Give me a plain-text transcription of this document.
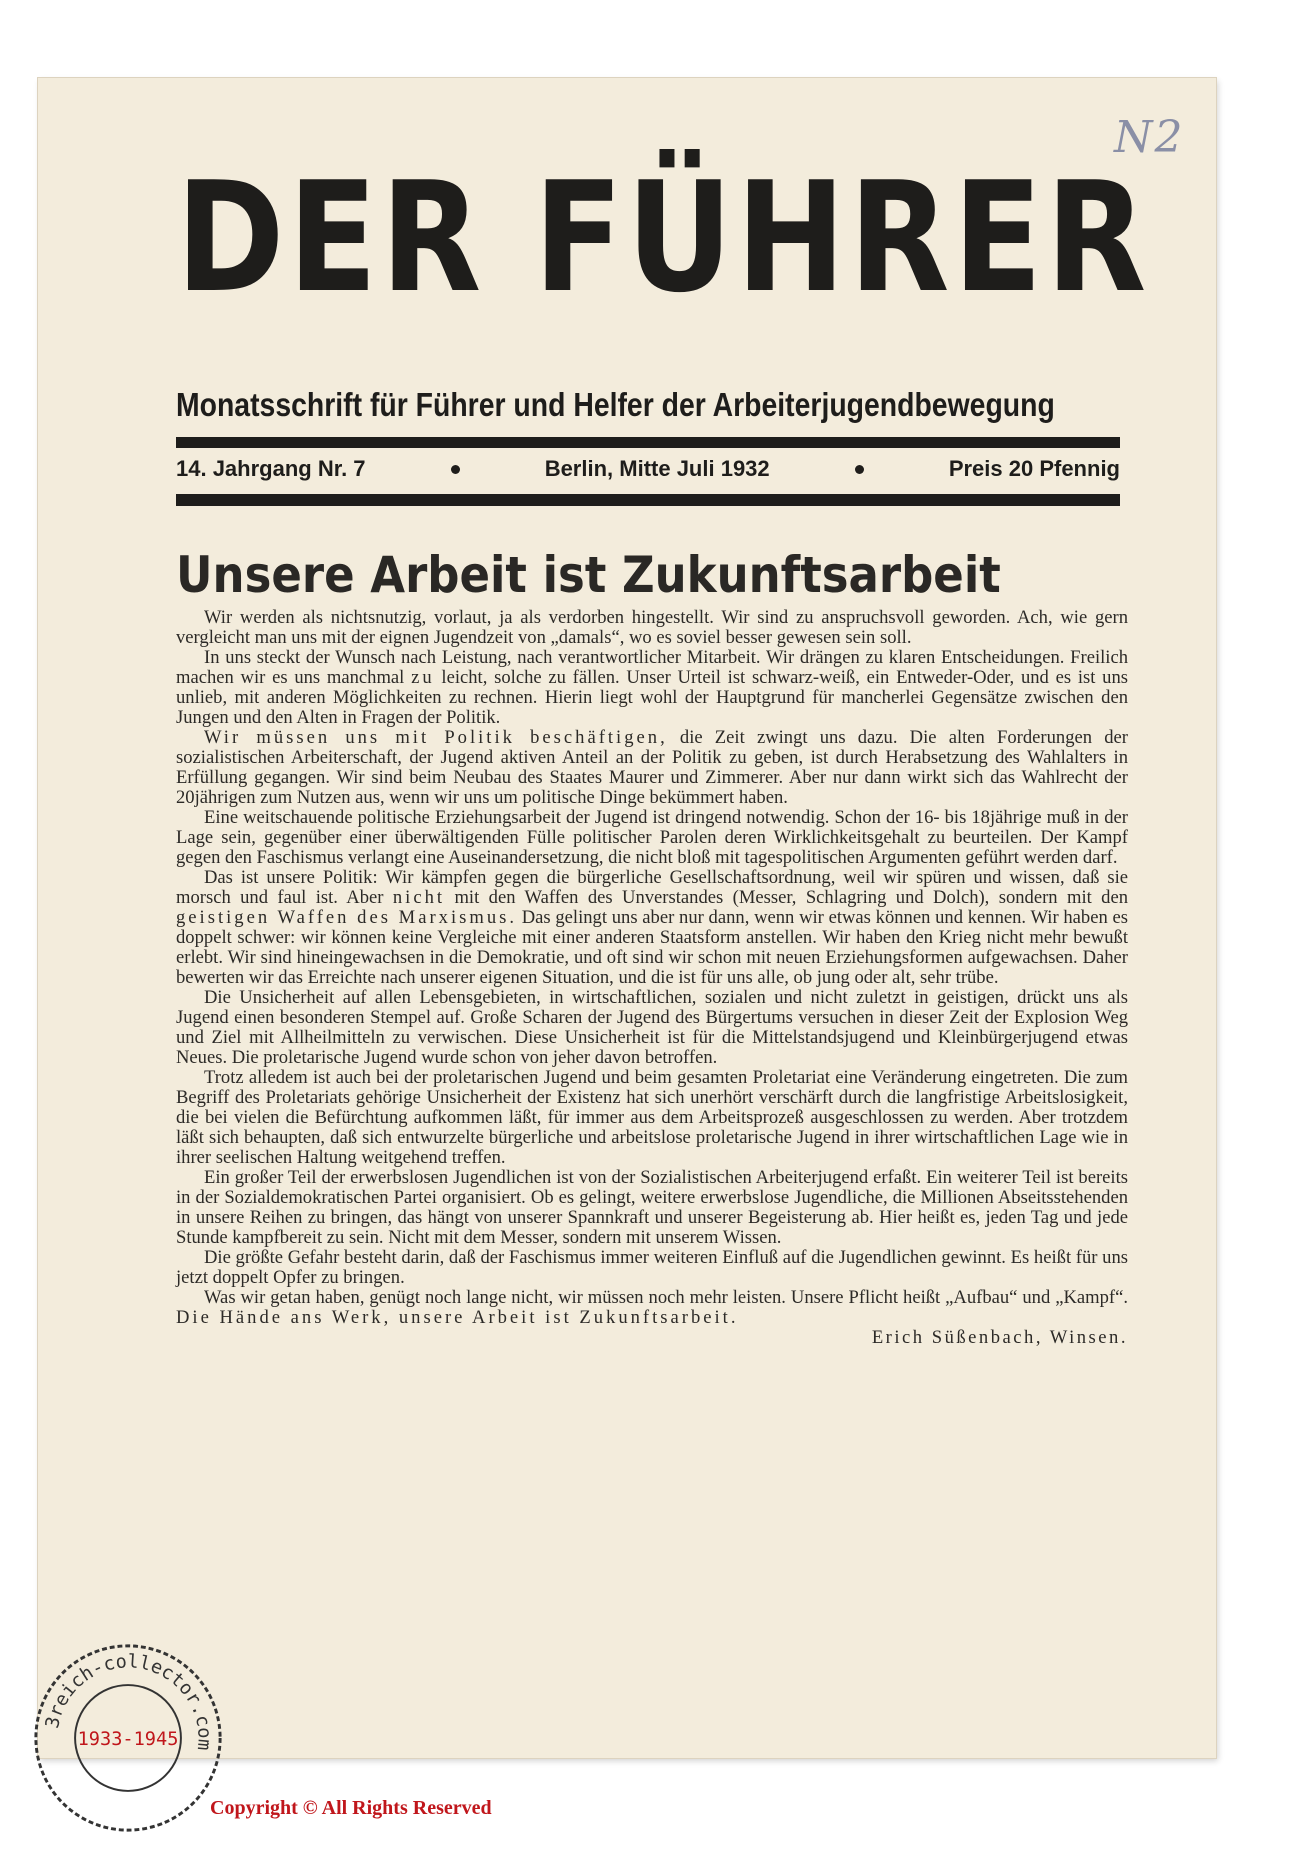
N2
DER FÜHRER
Monatsschrift für Führer und Helfer der Arbeiterjugendbewegung
14. Jahrgang Nr. 7	Berlin, Mitte Juli 1932	Preis 20 Pfennig
Unsere Arbeit ist Zukunftsarbeit

Wir werden als nichtsnutzig, vorlaut, ja als verdorben hingestellt. Wir sind zu anspruchsvoll geworden. Ach, wie gern vergleicht man uns mit der eignen Jugendzeit von „damals“, wo es soviel besser gewesen sein soll.

In uns steckt der Wunsch nach Leistung, nach verantwortlicher Mitarbeit. Wir drängen zu klaren Entscheidungen. Freilich machen wir es uns manchmal zu leicht, solche zu fällen. Unser Urteil ist schwarz-weiß, ein Entweder-Oder, und es ist uns unlieb, mit anderen Möglichkeiten zu rechnen. Hierin liegt wohl der Hauptgrund für mancherlei Gegensätze zwischen den Jungen und den Alten in Fragen der Politik.

Wir müssen uns mit Politik beschäftigen, die Zeit zwingt uns dazu. Die alten Forderungen der sozialistischen Arbeiterschaft, der Jugend aktiven Anteil an der Politik zu geben, ist durch Herabsetzung des Wahlalters in Erfüllung gegangen. Wir sind beim Neubau des Staates Maurer und Zimmerer. Aber nur dann wirkt sich das Wahlrecht der 20jährigen zum Nutzen aus, wenn wir uns um politische Dinge bekümmert haben.

Eine weitschauende politische Erziehungsarbeit der Jugend ist dringend notwendig. Schon der 16- bis 18jährige muß in der Lage sein, gegenüber einer überwältigenden Fülle politischer Parolen deren Wirklichkeitsgehalt zu beurteilen. Der Kampf gegen den Faschismus verlangt eine Auseinandersetzung, die nicht bloß mit tagespolitischen Argumenten geführt werden darf.

Das ist unsere Politik: Wir kämpfen gegen die bürgerliche Gesellschaftsordnung, weil wir spüren und wissen, daß sie morsch und faul ist. Aber nicht mit den Waffen des Unverstandes (Messer, Schlagring und Dolch), sondern mit den geistigen Waffen des Marxismus. Das gelingt uns aber nur dann, wenn wir etwas können und kennen. Wir haben es doppelt schwer: wir können keine Vergleiche mit einer anderen Staatsform anstellen. Wir haben den Krieg nicht mehr bewußt erlebt. Wir sind hineingewachsen in die Demokratie, und oft sind wir schon mit neuen Erziehungsformen aufgewachsen. Daher bewerten wir das Erreichte nach unserer eigenen Situation, und die ist für uns alle, ob jung oder alt, sehr trübe.

Die Unsicherheit auf allen Lebensgebieten, in wirtschaftlichen, sozialen und nicht zuletzt in geistigen, drückt uns als Jugend einen besonderen Stempel auf. Große Scharen der Jugend des Bürgertums versuchen in dieser Zeit der Explosion Weg und Ziel mit Allheilmitteln zu verwischen. Diese Unsicherheit ist für die Mittelstandsjugend und Kleinbürgerjugend etwas Neues. Die proletarische Jugend wurde schon von jeher davon betroffen.

Trotz alledem ist auch bei der proletarischen Jugend und beim gesamten Proletariat eine Veränderung eingetreten. Die zum Begriff des Proletariats gehörige Unsicherheit der Existenz hat sich unerhört verschärft durch die langfristige Arbeitslosigkeit, die bei vielen die Befürchtung aufkommen läßt, für immer aus dem Arbeitsprozeß ausgeschlossen zu werden. Aber trotzdem läßt sich behaupten, daß sich entwurzelte bürgerliche und arbeitslose proletarische Jugend in ihrer wirtschaftlichen Lage wie in ihrer seelischen Haltung weitgehend treffen.

Ein großer Teil der erwerbslosen Jugendlichen ist von der Sozialistischen Arbeiterjugend erfaßt. Ein weiterer Teil ist bereits in der Sozialdemokratischen Partei organisiert. Ob es gelingt, weitere erwerbslose Jugendliche, die Millionen Abseitsstehenden in unsere Reihen zu bringen, das hängt von unserer Spannkraft und unserer Begeisterung ab. Hier heißt es, jeden Tag und jede Stunde kampfbereit zu sein. Nicht mit dem Messer, sondern mit unserem Wissen.

Die größte Gefahr besteht darin, daß der Faschismus immer weiteren Einfluß auf die Jugendlichen gewinnt. Es heißt für uns jetzt doppelt Opfer zu bringen.

Was wir getan haben, genügt noch lange nicht, wir müssen noch mehr leisten. Unsere Pflicht heißt „Aufbau“ und „Kampf“. Die Hände ans Werk, unsere Arbeit ist Zukunftsarbeit.

Erich Süßenbach, Winsen.
3reich-collector.com
1933-1945
Copyright © All Rights Reserved
